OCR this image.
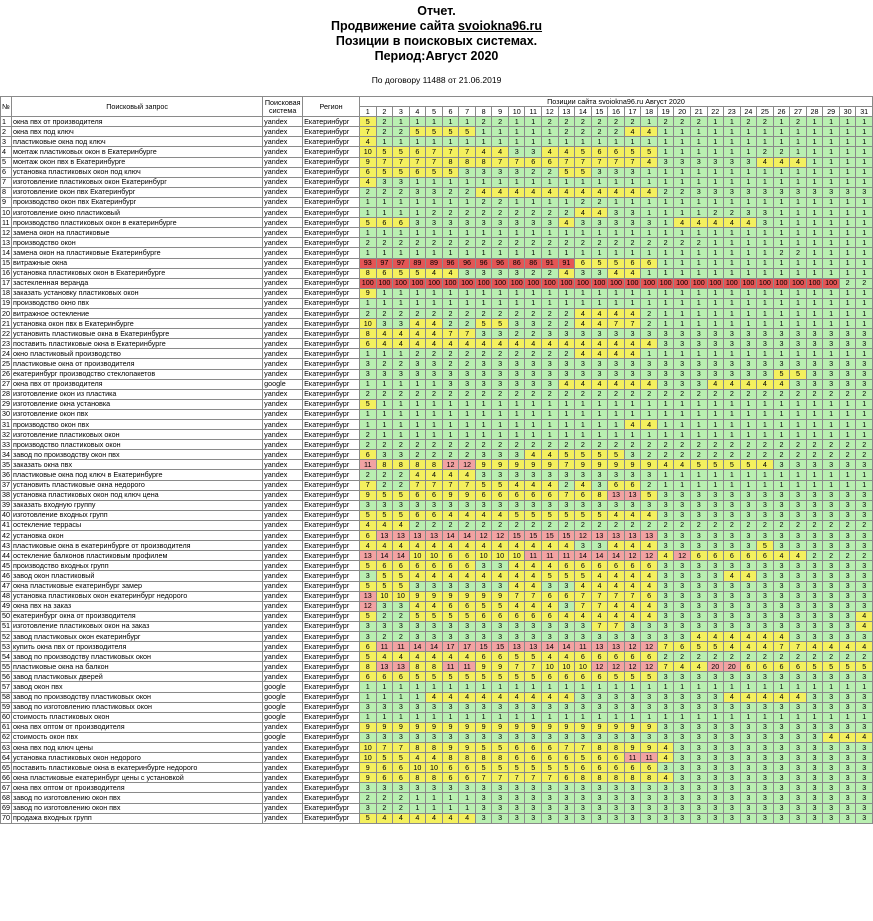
Отчет.
Продвижение сайта svoiokna96.ru
Позиции в поисковых системах.
Период:Август 2020
По договору 11488 от 21.06.2019
№	Поисковый запрос	Поисковая система	Регион	Позиции сайта svoiokna96.ru Август 2020																														
				1	2	3	4	5	6	7	8	9	10	11	12	13	14	15	16	17	18	19	20	21	22	23	24	25	26	27	28	29	30	31
1	окна пвх от производителя	yandex	Екатеринбург	5	2	1	1	1	1	1	2	2	1	1	2	2	2	2	2	2	1	2	2	2	1	1	2	2	1	2	1	1	1	1
2	окна пвх под ключ	yandex	Екатеринбург	7	2	2	5	5	5	5	1	1	1	1	1	2	2	2	2	4	4	1	1	1	1	1	1	1	1	1	1	1	1	1
3	пластиковые окна под ключ	yandex	Екатеринбург	4	1	1	1	1	1	1	1	1	1	1	1	1	1	1	1	1	1	1	1	1	1	1	1	1	1	1	1	1	1	1
4	монтаж пластиковых окон в Екатеринбурге	yandex	Екатеринбург	10	5	5	6	7	7	7	4	4	3	3	4	4	5	6	6	5	5	1	1	1	1	1	1	2	2	1	1	1	1	1
5	монтаж окон пвх в Екатеринбурге	yandex	Екатеринбург	9	7	7	7	7	8	8	8	7	7	6	6	7	7	7	7	7	4	3	3	3	3	3	3	4	4	4	1	1	1	1
6	установка пластиковых окон под ключ	yandex	Екатеринбург	6	5	5	6	5	5	3	3	3	3	2	2	5	5	3	3	3	1	1	1	1	1	1	1	1	1	1	1	1	1	1
7	изготовление пластиковых окон Екатеринбург	yandex	Екатеринбург	4	3	3	1	1	1	1	1	1	1	1	1	1	1	1	1	1	1	1	1	1	1	1	1	1	1	1	1	1	1	1
8	изготовление окон пвх Екатеринбург	yandex	Екатеринбург	2	2	2	3	3	2	2	4	4	4	4	4	4	4	4	4	4	4	2	2	3	3	3	3	3	3	3	3	3	3	3
9	производство окон пвх Екатеринбург	yandex	Екатеринбург	1	1	1	1	1	1	1	2	2	1	1	1	1	2	2	1	1	1	1	1	1	1	1	1	1	1	1	1	1	1	1
10	изготовление окно пластиковый	yandex	Екатеринбург	1	1	1	1	2	2	2	2	2	2	2	2	2	4	4	3	3	1	1	1	1	2	2	3	3	1	1	1	1	1	1
11	производство пластиковых окон в екатеринбурге	yandex	Екатеринбург	5	6	6	3	3	3	3	3	3	3	3	3	4	3	3	3	3	3	1	4	4	4	4	4	3	1	1	1	1	1	1
12	замена окон на пластиковые	yandex	Екатеринбург	1	1	1	1	1	1	1	1	1	1	1	1	1	1	1	1	1	1	1	1	1	1	1	1	1	1	1	1	1	1	1
13	производство окон	yandex	Екатеринбург	2	2	2	2	2	2	2	2	2	2	2	2	2	2	2	2	2	2	2	2	2	1	1	1	1	1	1	1	1	1	1
14	замена окон на пластиковые Екатеринбурге	yandex	Екатеринбург	1	1	1	1	1	1	1	1	1	1	1	1	1	1	1	1	1	1	1	1	1	1	1	1	1	2	2	1	1	1	1
15	витражные окна	yandex	Екатеринбург	93	97	97	89	89	96	96	96	96	86	86	91	91	6	5	5	6	6	1	1	1	1	1	1	1	1	1	1	1	1	1
16	установка пластиковых окон в Екатеринбурге	yandex	Екатеринбург	8	6	5	5	4	4	3	3	3	3	2	2	4	3	3	4	4	1	1	1	1	1	1	1	1	1	1	1	1	1	1
17	застекленная веранда	yandex	Екатеринбург	100	100	100	100	100	100	100	100	100	100	100	100	100	100	100	100	100	100	100	100	100	100	100	100	100	100	100	100	100	2	2
18	заказать установку пластиковых окон	yandex	Екатеринбург	9	1	1	1	1	1	1	1	1	1	1	1	1	1	1	1	1	1	1	1	1	1	1	1	1	1	1	1	1	1	1
19	производство окно пвх	yandex	Екатеринбург	1	1	1	1	1	1	1	1	1	1	1	1	1	1	1	1	1	1	1	1	1	1	1	1	1	1	1	1	1	1	1
20	витражное остекление	yandex	Екатеринбург	2	2	2	2	2	2	2	2	2	2	2	2	2	4	4	4	4	2	1	1	1	1	1	1	1	1	1	1	1	1	1
21	установка окон пвх в Екатеринбурге	yandex	Екатеринбург	10	3	3	4	4	2	2	5	5	3	3	2	2	4	4	7	7	2	1	1	1	1	1	1	1	1	1	1	1	1	1
22	установить пластиковые окна в Екатеринбурге	yandex	Екатеринбург	8	4	4	4	4	7	7	3	3	2	2	3	3	3	3	3	3	3	3	3	3	3	3	3	3	3	3	3	3	3	3
23	поставить пластиковые окна в Екатеринбурге	yandex	Екатеринбург	6	4	4	4	4	4	4	4	4	4	4	4	4	4	4	4	4	4	3	3	3	3	3	3	3	3	3	3	3	3	3
24	окно пластиковый производство	yandex	Екатеринбург	1	1	1	2	2	2	2	2	2	2	2	2	2	4	4	4	4	1	1	1	1	1	1	1	1	1	1	1	1	1	1
25	пластиковые окна от производителя	yandex	Екатеринбург	3	2	2	3	3	2	2	3	3	3	3	3	3	3	3	3	3	3	3	3	3	3	3	3	3	3	3	3	3	3	3
26	екатеринбург производство стеклопакетов	yandex	Екатеринбург	3	3	3	3	3	3	3	3	3	3	3	3	3	3	3	3	3	3	3	3	3	3	3	3	3	5	5	3	3	3	3
27	окна пвх от производителя	google	Екатеринбург	1	1	1	1	1	3	3	3	3	3	3	3	4	4	4	4	4	4	3	3	3	4	4	4	4	4	3	3	3	3	3
28	изготовление окон из пластика	yandex	Екатеринбург	2	2	2	2	2	2	2	2	2	2	2	2	2	2	2	2	2	2	2	2	2	2	2	2	2	2	2	2	2	2	2
29	изготовление окна установка	yandex	Екатеринбург	5	1	1	1	1	1	1	1	1	1	1	1	1	1	1	1	1	1	1	1	1	1	1	1	1	1	1	1	1	1	1
30	изготовление окон пвх	yandex	Екатеринбург	1	1	1	1	1	1	1	1	1	1	1	1	1	1	1	1	1	1	1	1	1	1	1	1	1	1	1	1	1	1	1
31	производство окон пвх	yandex	Екатеринбург	1	1	1	1	1	1	1	1	1	1	1	1	1	1	1	1	4	4	1	1	1	1	1	1	1	1	1	1	1	1	1
32	изготовление пластиковых окон	yandex	Екатеринбург	2	1	1	1	1	1	1	1	1	1	1	1	1	1	1	1	1	1	1	1	1	1	1	1	1	1	1	1	1	1	1
33	производство пластиковых окон	yandex	Екатеринбург	2	2	2	2	2	2	2	2	2	2	2	2	2	2	2	2	2	2	2	2	2	2	2	2	2	2	2	2	2	2	2
34	завод по производству окон пвх	yandex	Екатеринбург	6	3	3	2	2	2	2	3	3	3	4	4	5	5	5	5	3	2	2	2	2	2	2	2	2	2	2	2	2	2	2
35	заказать окна пвх	yandex	Екатеринбург	11	8	8	8	8	12	12	9	9	9	9	9	7	9	9	9	9	9	4	4	5	5	5	5	4	3	3	3	3	3	3
36	пластиковые окна под ключ в Екатеринбурге	yandex	Екатеринбург	2	2	2	4	4	4	4	3	3	3	3	3	3	3	3	3	3	3	1	1	1	1	1	1	1	1	1	1	1	1	1
37	установить пластиковые окна недорого	yandex	Екатеринбург	7	2	2	7	7	7	7	5	5	4	4	4	2	4	3	6	6	2	1	1	1	1	1	1	1	1	1	1	1	1	1
38	установка пластиковых окон под ключ цена	yandex	Екатеринбург	9	5	5	6	6	9	9	6	6	6	6	6	7	6	8	13	13	5	3	3	3	3	3	3	3	3	3	3	3	3	3
39	заказать входную группу	yandex	Екатеринбург	3	3	3	3	3	3	3	3	3	3	3	3	3	3	3	3	3	3	3	3	3	3	3	3	3	3	3	3	3	3	3
40	изготовление входных групп	yandex	Екатеринбург	5	5	5	6	6	4	4	4	4	5	5	5	5	5	5	4	4	4	3	3	3	3	3	3	3	3	3	3	3	3	3
41	остекление террасы	yandex	Екатеринбург	4	4	4	2	2	2	2	2	2	2	2	2	2	2	2	2	2	2	2	2	2	2	2	2	2	2	2	2	2	2	2
42	установка окон	yandex	Екатеринбург	6	13	13	13	13	14	14	12	12	15	15	15	15	12	13	13	13	13	3	3	3	3	3	3	3	3	3	3	3	3	3
43	пластиковые окна в екатеринбурге от производителя	yandex	Екатеринбург	4	4	4	4	4	4	4	4	4	4	4	4	4	3	3	4	4	4	3	3	3	3	3	3	5	3	3	3	3	3	3
44	остекление балконов пластиковым профилем	yandex	Екатеринбург	13	14	14	10	10	6	6	10	10	10	11	11	11	14	14	14	12	12	4	12	6	6	6	6	6	4	4	2	2	2	2
45	производство входных групп	yandex	Екатеринбург	5	6	6	6	6	6	6	3	3	4	4	4	6	6	6	6	6	6	3	3	3	3	3	3	3	3	3	3	3	3	3
46	завод окон пластиковый	yandex	Екатеринбург	3	5	5	4	4	4	4	4	4	4	4	5	5	5	4	4	4	4	3	3	3	3	4	4	3	3	3	3	3	3	3
47	окна пластиковые екатеринбург замер	yandex	Екатеринбург	5	5	5	3	3	3	3	3	3	4	4	3	3	4	4	4	4	4	3	3	3	3	3	3	3	3	3	3	3	3	3
48	установка пластиковых окон екатеринбург недорого	yandex	Екатеринбург	13	10	10	9	9	9	9	9	9	7	7	6	6	7	7	7	7	6	3	3	3	3	3	3	3	3	3	3	3	3	3
49	окна пвх на заказ	yandex	Екатеринбург	12	3	3	4	4	6	6	5	5	4	4	4	3	7	7	4	4	4	3	3	3	3	3	3	3	3	3	3	3	3	3
50	екатеринбург окна от производителя	yandex	Екатеринбург	5	2	2	5	5	5	5	6	6	6	6	6	4	4	4	4	4	4	3	3	3	3	3	3	3	3	3	3	3	3	4
51	изготовление пластиковых окон на заказ	yandex	Екатеринбург	3	3	3	3	3	3	3	3	3	3	3	3	3	3	7	7	3	3	3	3	3	3	3	3	3	3	3	3	3	3	4
52	завод пластиковых окон екатеринбург	yandex	Екатеринбург	3	2	2	3	3	3	3	3	3	3	3	3	3	3	3	3	3	3	3	3	4	4	4	4	4	4	3	3	3	3	3
53	купить окна пвх от производителя	yandex	Екатеринбург	6	11	11	14	14	17	17	15	15	13	13	14	14	11	13	13	12	12	7	6	5	5	4	4	4	7	7	4	4	4	4
54	завод по производству пластиковых окон	yandex	Екатеринбург	5	4	4	4	4	4	4	6	6	5	5	4	4	6	6	6	6	6	2	2	2	2	2	2	2	2	2	2	2	2	2
55	пластиковые окна на балкон	yandex	Екатеринбург	8	13	13	8	8	11	11	9	9	7	7	10	10	10	12	12	12	12	7	4	4	20	20	6	6	6	6	5	5	5	5
56	завод пластиковых дверей	yandex	Екатеринбург	6	6	6	5	5	5	5	5	5	5	5	6	6	6	6	5	5	5	3	3	3	3	3	3	3	3	3	3	3	3	3
57	завод окон пвх	google	Екатеринбург	1	1	1	1	1	1	1	1	1	1	1	1	1	1	1	1	1	1	1	1	1	1	1	1	1	1	1	1	1	1	1
58	завод по производству пластиковых окон	google	Екатеринбург	1	1	1	1	4	4	4	4	4	4	4	4	4	3	3	3	3	3	3	3	3	3	4	4	4	4	4	3	3	3	3
59	завод по изготовлению пластиковых окон	google	Екатеринбург	3	3	3	3	3	3	3	3	3	3	3	3	3	3	3	3	3	3	3	3	3	3	3	3	3	3	3	3	3	3	3
60	стоимость пластиковых окон	google	Екатеринбург	1	1	1	1	1	1	1	1	1	1	1	1	1	1	1	1	1	1	1	1	1	1	1	1	1	1	1	1	1	1	1
61	окна пвх оптом от производителя	yandex	Екатеринбург	9	9	9	9	9	9	9	9	9	9	9	9	9	9	9	9	9	9	3	3	3	3	3	3	3	3	3	3	3	3	3
62	стоимость окон пвх	google	Екатеринбург	3	3	3	3	3	3	3	3	3	3	3	3	3	3	3	3	3	3	3	3	3	3	3	3	3	3	3	3	4	4	4
63	окна пвх под ключ цены	yandex	Екатеринбург	10	7	7	8	8	9	9	5	5	6	6	6	7	7	8	8	9	9	4	3	3	3	3	3	3	3	3	3	3	3	3
64	установка пластиковых окон недорого	yandex	Екатеринбург	10	5	5	4	4	8	8	8	8	6	6	6	6	5	6	6	11	11	4	3	3	3	3	3	3	3	3	3	3	3	3
65	поставить пластиковые окна в екатеринбурге недорого	yandex	Екатеринбург	9	6	6	10	10	6	6	5	5	5	5	5	5	6	6	6	6	6	3	3	3	3	3	3	3	3	3	3	3	3	3
66	окна пластиковые екатеринбург цены с установкой	yandex	Екатеринбург	9	6	6	8	8	6	6	7	7	7	7	7	6	8	8	8	8	8	4	3	3	3	3	3	3	3	3	3	3	3	3
67	окна пвх оптом от производителя	yandex	Екатеринбург	3	3	3	3	3	3	3	3	3	3	3	3	3	3	3	3	3	3	3	3	3	3	3	3	3	3	3	3	3	3	3
68	завод по изготовлению окон пвх	yandex	Екатеринбург	2	2	2	1	1	1	1	3	3	3	3	3	3	3	3	3	3	3	3	3	3	3	3	3	3	3	3	3	3	3	3
69	завод по изготовлению окон пвх	yandex	Екатеринбург	3	2	2	1	1	1	1	3	3	3	3	3	3	3	3	3	3	3	3	3	3	3	3	3	3	3	3	3	3	3	3
70	продажа входных групп	yandex	Екатеринбург	5	4	4	4	4	4	4	3	3	3	3	3	3	3	3	3	3	3	3	3	3	3	3	3	3	3	3	3	3	3	3
